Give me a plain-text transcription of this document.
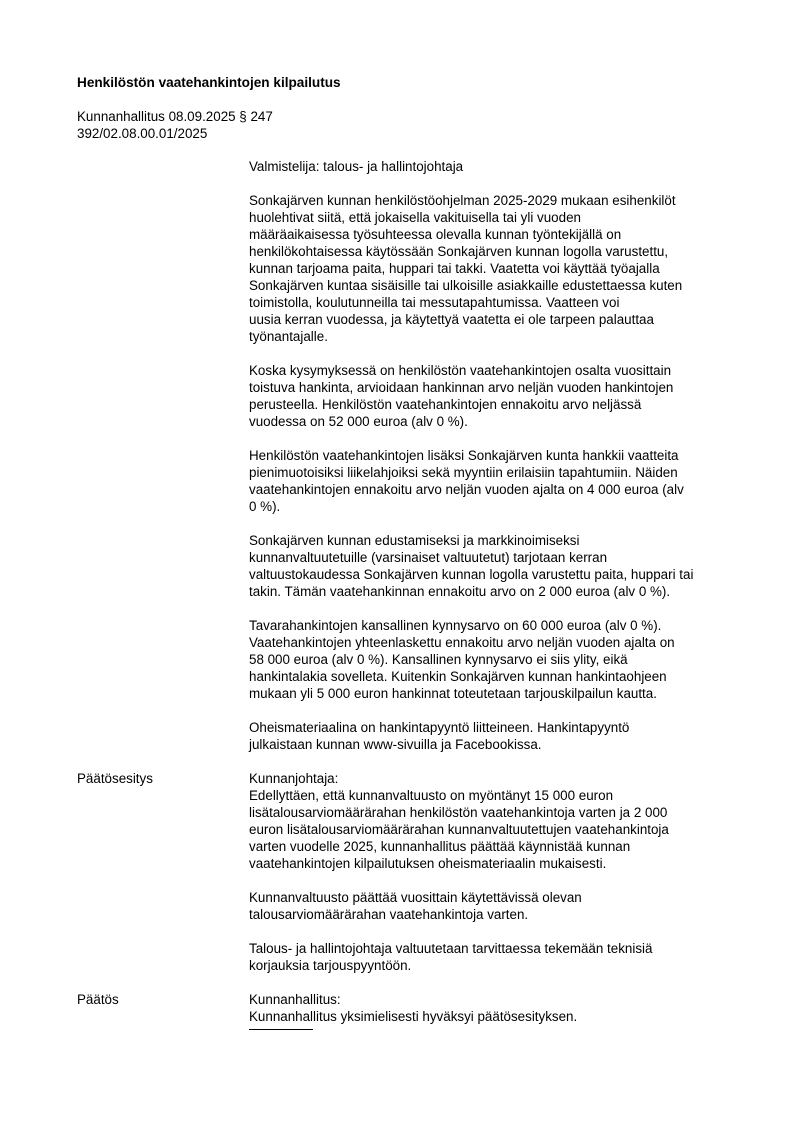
Henkilöstön vaatehankintojen kilpailutus
Kunnanhallitus 08.09.2025 § 247
392/02.08.00.01/2025

Valmistelija: talous- ja hallintojohtaja

Sonkajärven kunnan henkilöstöohjelman 2025-2029 mukaan esihenkilöt
huolehtivat siitä, että jokaisella vakituisella tai yli vuoden
määräaikaisessa työsuhteessa olevalla kunnan työntekijällä on
henkilökohtaisessa käytössään Sonkajärven kunnan logolla varustettu,
kunnan tarjoama paita, huppari tai takki. Vaatetta voi käyttää työajalla
Sonkajärven kuntaa sisäisille tai ulkoisille asiakkaille edustettaessa kuten
toimistolla, koulutunneilla tai messutapahtumissa. Vaatteen voi
uusia kerran vuodessa, ja käytettyä vaatetta ei ole tarpeen palauttaa
työnantajalle.
Koska kysymyksessä on henkilöstön vaatehankintojen osalta vuosittain
toistuva hankinta, arvioidaan hankinnan arvo neljän vuoden hankintojen
perusteella. Henkilöstön vaatehankintojen ennakoitu arvo neljässä
vuodessa on 52 000 euroa (alv 0 %).
Henkilöstön vaatehankintojen lisäksi Sonkajärven kunta hankkii vaatteita
pienimuotoisiksi liikelahjoiksi sekä myyntiin erilaisiin tapahtumiin. Näiden
vaatehankintojen ennakoitu arvo neljän vuoden ajalta on 4 000 euroa (alv
0 %).
Sonkajärven kunnan edustamiseksi ja markkinoimiseksi
kunnanvaltuutetuille (varsinaiset valtuutetut) tarjotaan kerran
valtuustokaudessa Sonkajärven kunnan logolla varustettu paita, huppari tai
takin. Tämän vaatehankinnan ennakoitu arvo on 2 000 euroa (alv 0 %).
Tavarahankintojen kansallinen kynnysarvo on 60 000 euroa (alv 0 %).
Vaatehankintojen yhteenlaskettu ennakoitu arvo neljän vuoden ajalta on
58 000 euroa (alv 0 %). Kansallinen kynnysarvo ei siis ylity, eikä
hankintalakia sovelleta. Kuitenkin Sonkajärven kunnan hankintaohjeen
mukaan yli 5 000 euron hankinnat toteutetaan tarjouskilpailun kautta.
Oheismateriaalina on hankintapyyntö liitteineen. Hankintapyyntö
julkaistaan kunnan www-sivuilla ja Facebookissa.
Päätösesitys	Kunnanjohtaja:

Edellyttäen, että kunnanvaltuusto on myöntänyt 15 000 euron
lisätalousarviomäärärahan henkilöstön vaatehankintoja varten ja 2 000
euron lisätalousarviomäärärahan kunnanvaltuutettujen vaatehankintoja
varten vuodelle 2025, kunnanhallitus päättää käynnistää kunnan
vaatehankintojen kilpailutuksen oheismateriaalin mukaisesti.
Kunnanvaltuusto päättää vuosittain käytettävissä olevan
talousarviomäärärahan vaatehankintoja varten.
Talous- ja hallintojohtaja valtuutetaan tarvittaessa tekemään teknisiä
korjauksia tarjouspyyntöön.
Päätös	Kunnanhallitus:

Kunnanhallitus yksimielisesti hyväksyi päätösesityksen.
